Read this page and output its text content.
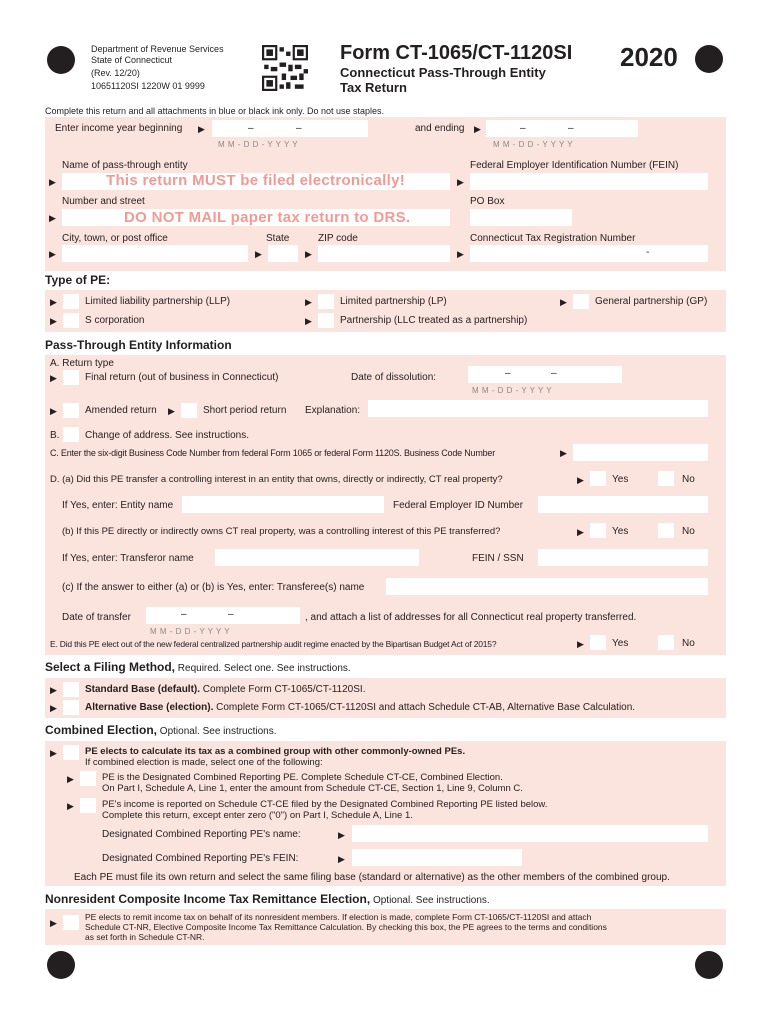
Department of Revenue Services
State of Connecticut
(Rev. 12/20)
10651120SI 1220W 01 9999
Form CT-1065/CT-1120SI
Connecticut Pass-Through Entity
Tax Return
2020
Complete this return and all attachments in blue or black ink only. Do not use staples.
Enter income year beginning ▶	–	–
M M - D D - Y Y Y Y
and ending ▶	–	–
M M - D D - Y Y Y Y
Name of pass-through entity	Federal Employer Identification Number (FEIN)
▶	This return MUST be filed electronically!	▶
Number and street	PO Box
▶	DO NOT MAIL paper tax return to DRS.
City, town, or post office	State	ZIP code	Connecticut Tax Registration Number
▶	▶	▶	▶	-
Type of PE:
▶	Limited liability partnership (LLP)	▶	Limited partnership (LP)	▶	General partnership (GP)
▶	S corporation	▶	Partnership (LLC treated as a partnership)
Pass-Through Entity Information
A. Return type
▶	Final return (out of business in Connecticut)	Date of dissolution:	–	–
M M - D D - Y Y Y Y
▶	Amended return ▶	Short period return Explanation:
B.	Change of address. See instructions.
C. Enter the six-digit Business Code Number from federal Form 1065 or federal Form 1120S. Business Code Number	▶
D. (a) Did this PE transfer a controlling interest in an entity that owns, directly or indirectly, CT real property?	▶	Yes	No
If Yes, enter: Entity name	Federal Employer ID Number
(b) If this PE directly or indirectly owns CT real property, was a controlling interest of this PE transferred?	▶	Yes	No
If Yes, enter: Transferor name	FEIN / SSN
(c) If the answer to either (a) or (b) is Yes, enter: Transferee(s) name
Date of transfer	–	–
M M - D D - Y Y Y Y
, and attach a list of addresses for all Connecticut real property transferred.
E. Did this PE elect out of the new federal centralized partnership audit regime enacted by the Bipartisan Budget Act of 2015?	▶	Yes	No
Select a Filing Method, Required. Select one. See instructions.
▶	Standard Base (default). Complete Form CT-1065/CT-1120SI.
▶	Alternative Base (election). Complete Form CT-1065/CT-1120SI and attach Schedule CT-AB, Alternative Base Calculation.
Combined Election, Optional. See instructions.
▶	PE elects to calculate its tax as a combined group with other commonly-owned PEs.
If combined election is made, select one of the following:
▶	PE is the Designated Combined Reporting PE. Complete Schedule CT-CE, Combined Election.
On Part I, Schedule A, Line 1, enter the amount from Schedule CT-CE, Section 1, Line 9, Column C.
▶	PE's income is reported on Schedule CT-CE filed by the Designated Combined Reporting PE listed below.
Complete this return, except enter zero ("0") on Part I, Schedule A, Line 1.
Designated Combined Reporting PE's name:	▶
Designated Combined Reporting PE's FEIN:	▶
Each PE must file its own return and select the same filing base (standard or alternative) as the other members of the combined group.
Nonresident Composite Income Tax Remittance Election, Optional. See instructions.
▶
PE elects to remit income tax on behalf of its nonresident members. If election is made, complete Form CT-1065/CT-1120SI and attach
Schedule CT-NR, Elective Composite Income Tax Remittance Calculation. By checking this box, the PE agrees to the terms and conditions
as set forth in Schedule CT-NR.
